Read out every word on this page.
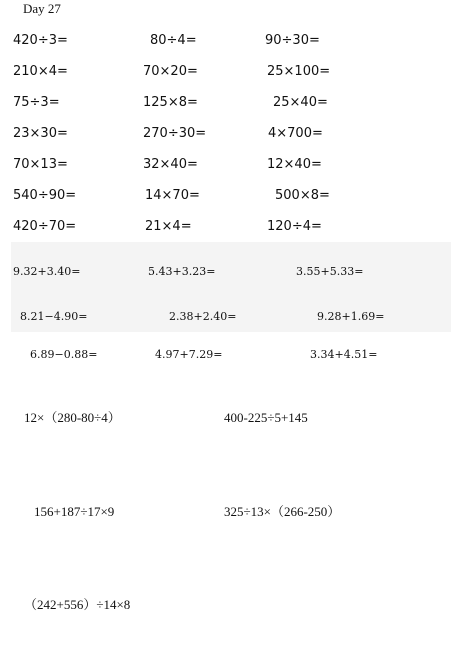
Day 27
420÷3=	80÷4=	90÷30=
210×4=	70×20=	25×100=
75÷3=	125×8=	25×40=
23×30=	270÷30=	4×700=
70×13=	32×40=	12×40=
540÷90=	14×70=	500×8=
420÷70=	21×4=	120÷4=
9.32+3.40=	5.43+3.23=	3.55+5.33=
8.21−4.90=	2.38+2.40=	9.28+1.69=
6.89−0.88=	4.97+7.29=	3.34+4.51=
12×（280-80÷4）	400-225÷5+145
156+187÷17×9	325÷13×（266-250）
（242+556）÷14×8
